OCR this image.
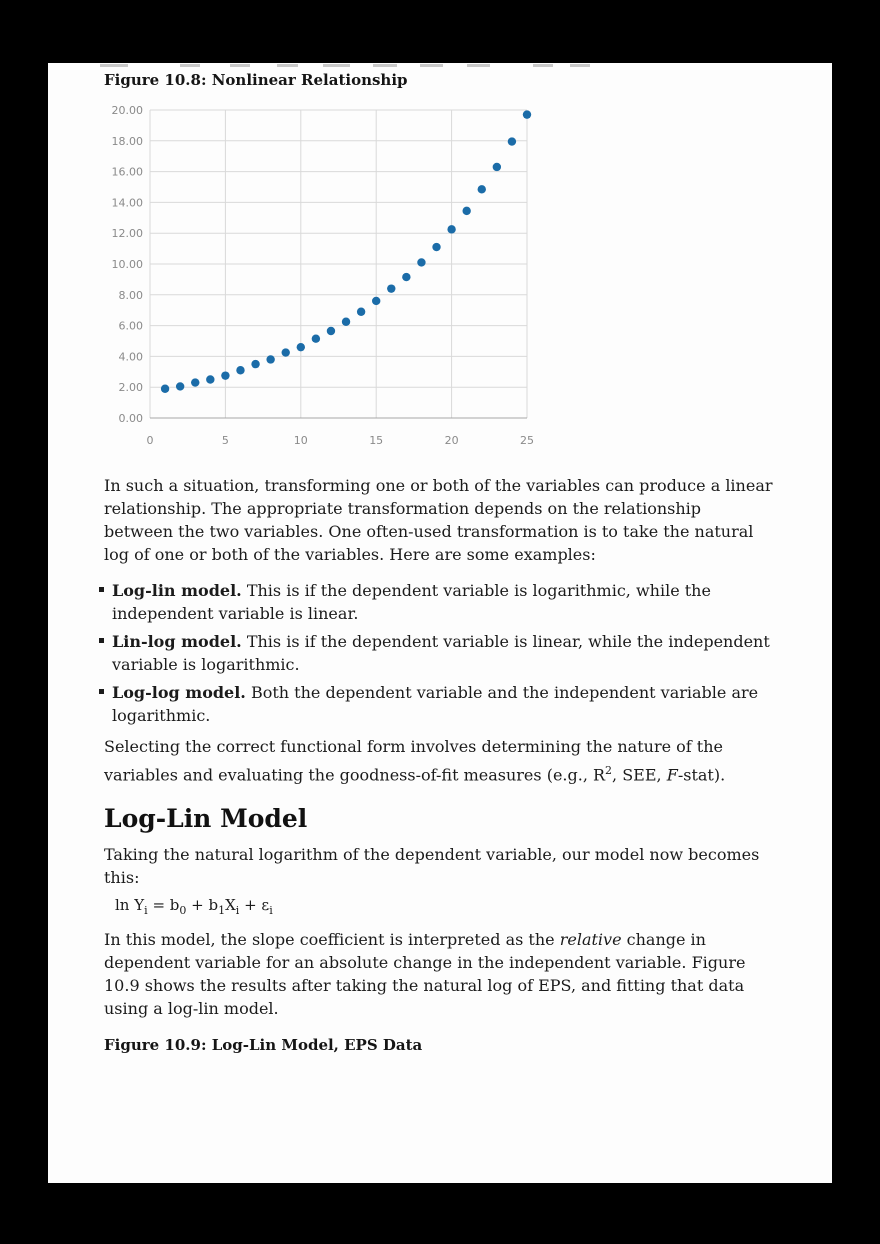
Figure 10.8: Nonlinear Relationship

20.00
18.00
16.00
14.00
12.00
10.00
8.00
6.00
4.00
2.00
0.00
0	5	10	15	20	25

In such a situation, transforming one or both of the variables can produce a linear relationship. The appropriate transformation depends on the relationship between the two variables. One often-used transformation is to take the natural log of one or both of the variables. Here are some examples:

Log-lin model. This is if the dependent variable is logarithmic, while the independent variable is linear.
Lin-log model. This is if the dependent variable is linear, while the independent variable is logarithmic.
Log-log model. Both the dependent variable and the independent variable are logarithmic.

Selecting the correct functional form involves determining the nature of the variables and evaluating the goodness-of-fit measures (e.g., $R^2$, SEE, F-stat).

Log-Lin Model

Taking the natural logarithm of the dependent variable, our model now becomes this:

$\ln Y_i = b_0 + b_1X_i + \varepsilon_i$

In this model, the slope coefficient is interpreted as the relative change in dependent variable for an absolute change in the independent variable. Figure 10.9 shows the results after taking the natural log of EPS, and fitting that data using a log-lin model.

Figure 10.9: Log-Lin Model, EPS Data
